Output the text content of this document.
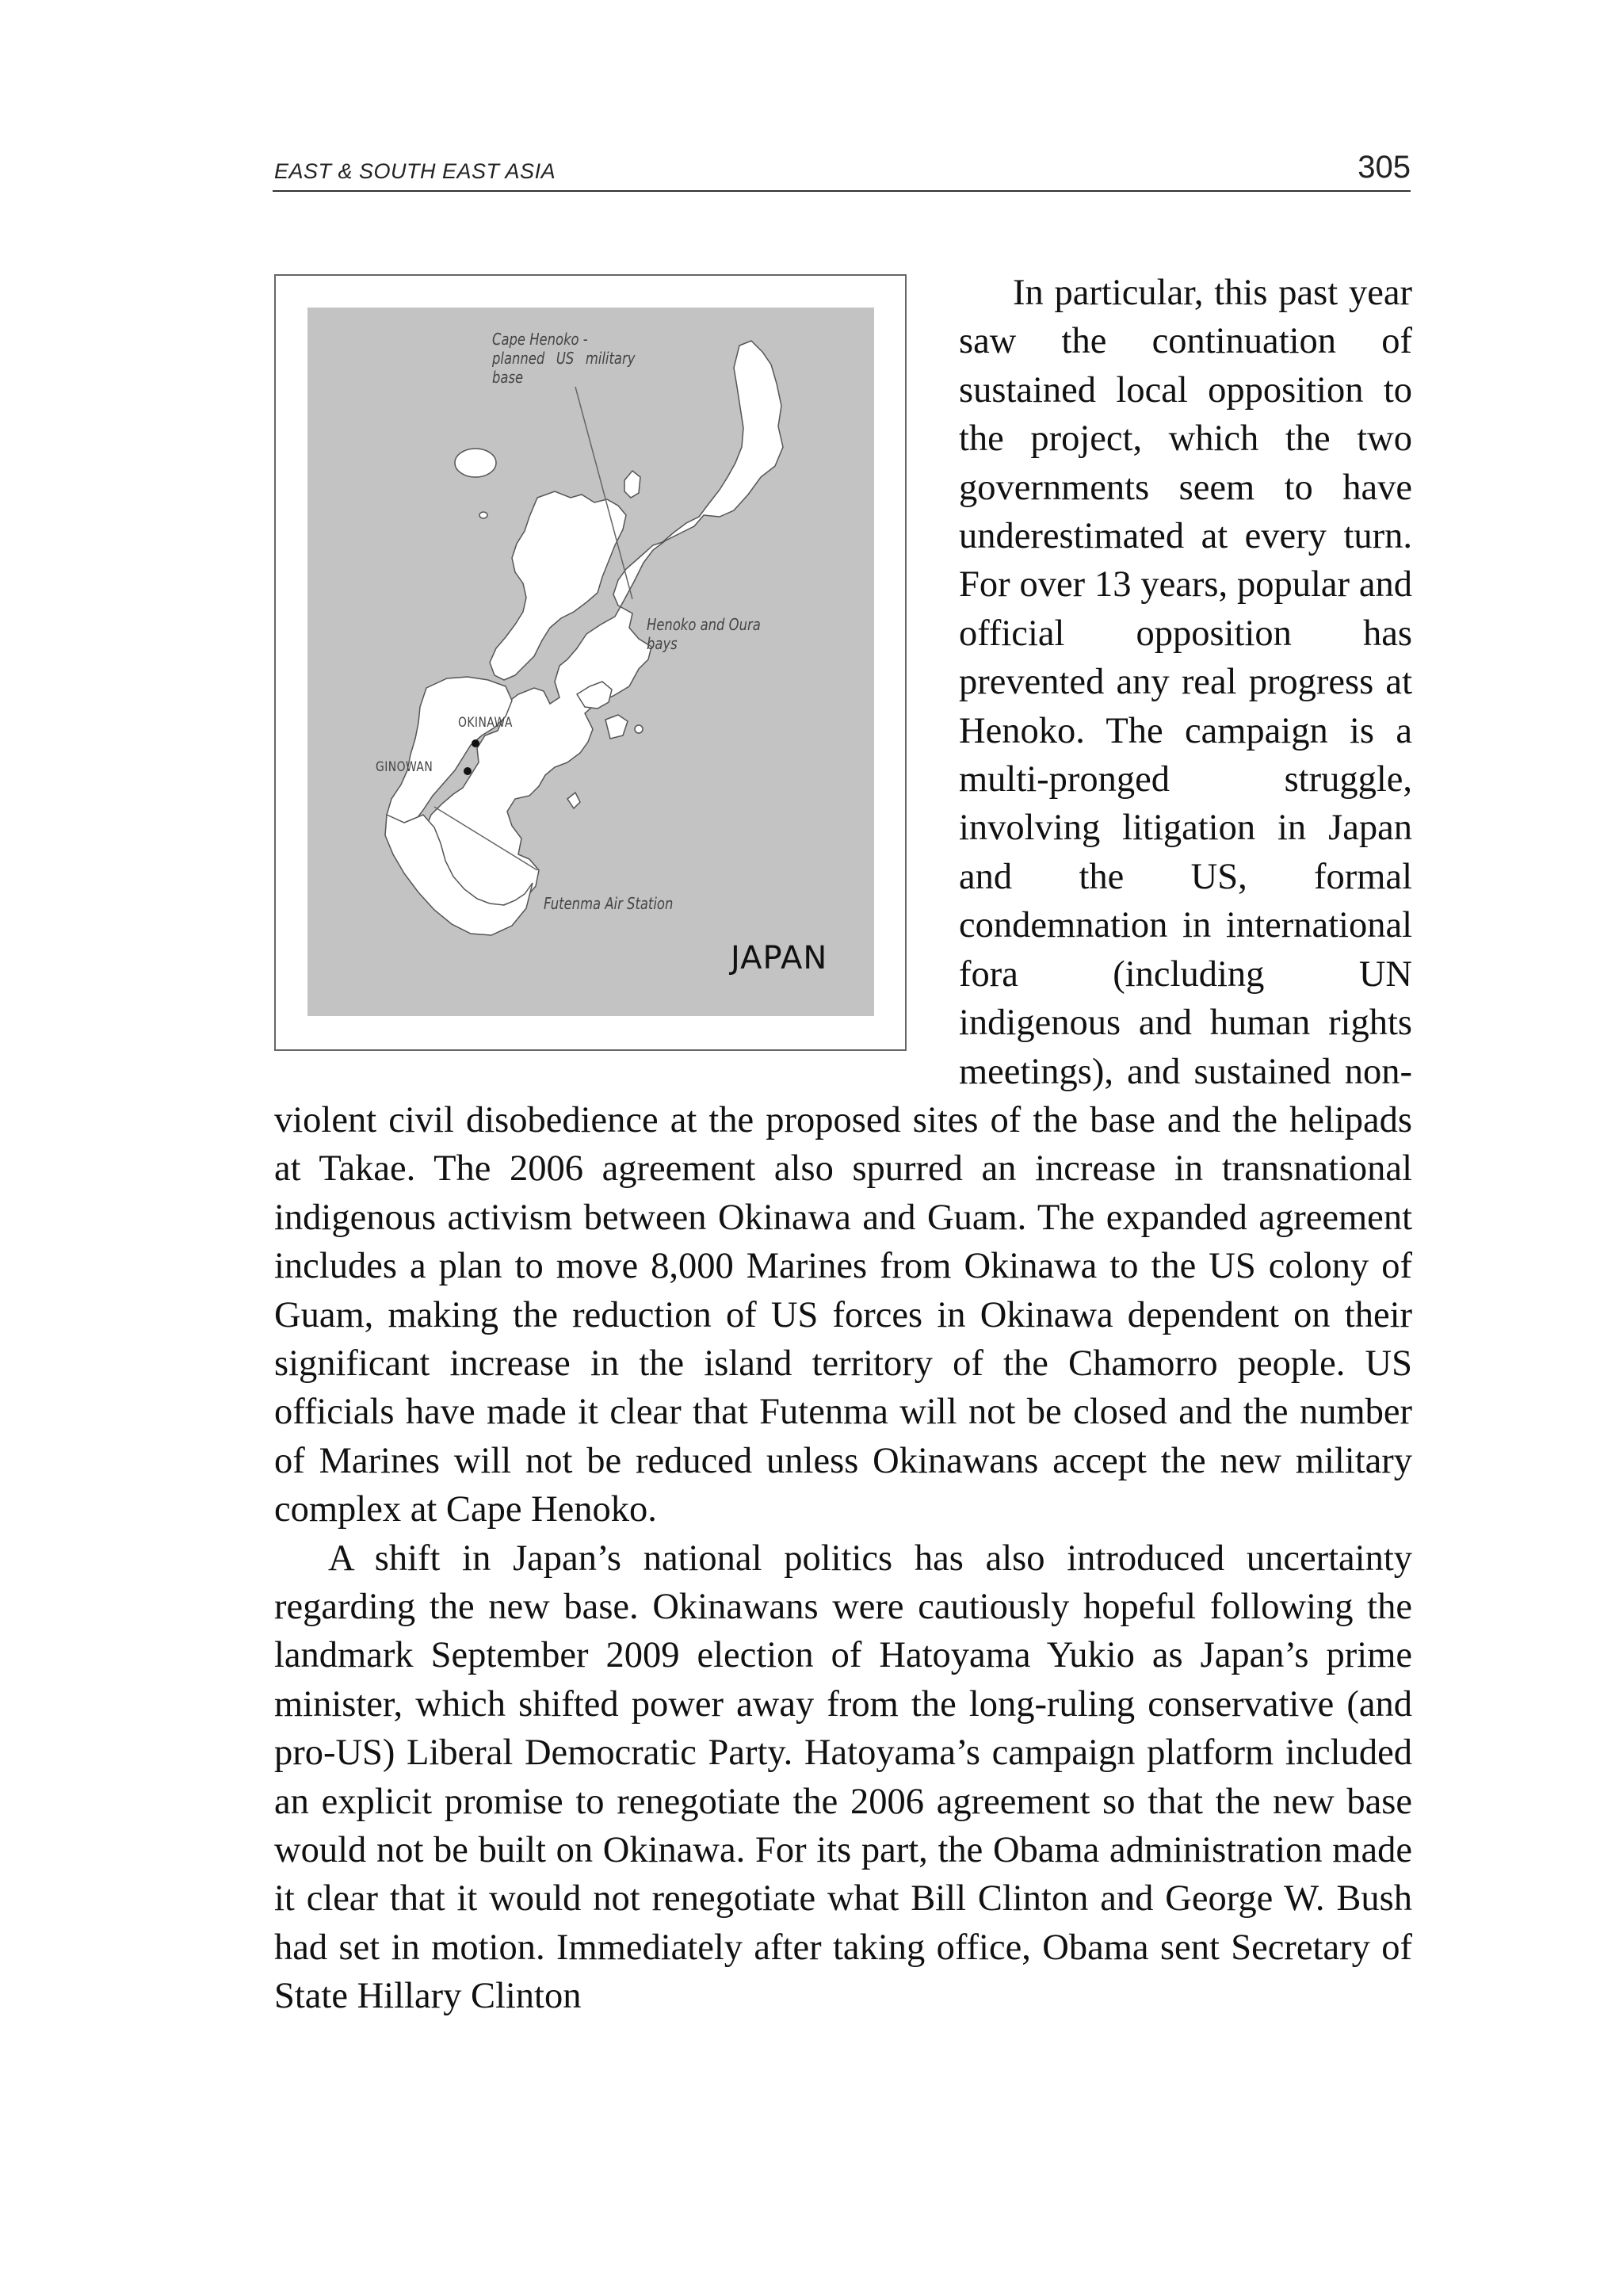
EAST & SOUTH EAST ASIA	305
Cape Henoko -
planned US military base
Henoko and Oura
bays
OKINAWA
GINOWAN
Futenma Air Station
JAPAN

In particular, this past year saw the continuation of sustained local opposition to the project, which the two governments seem to have underestimated at every turn. For over 13 years, popular and official opposition has prevented any real progress at Henoko. The campaign is a multi-pronged struggle, involving litigation in Japan and the US, formal condemnation in international fora (including UN indigenous and human rights meetings), and sustained non-violent civil disobedience at the proposed sites of the base and the helipads at Takae. The 2006 agreement also spurred an increase in transnational indigenous activism between Okinawa and Guam. The expanded agreement includes a plan to move 8,000 Marines from Okinawa to the US colony of Guam, making the reduction of US forces in Okinawa dependent on their significant increase in the island territory of the Chamorro people. US officials have made it clear that Futenma will not be closed and the number of Marines will not be reduced unless Okinawans accept the new military complex at Cape Henoko.

A shift in Japan’s national politics has also introduced uncertainty regarding the new base. Okinawans were cautiously hopeful following the landmark September 2009 election of Hatoyama Yukio as Japan’s prime minister, which shifted power away from the long-ruling conservative (and pro-US) Liberal Democratic Party. Hatoyama’s campaign platform included an explicit promise to renegotiate the 2006 agreement so that the new base would not be built on Okinawa. For its part, the Obama administration made it clear that it would not renegotiate what Bill Clinton and George W. Bush had set in motion. Immediately after taking office, Obama sent Secretary of State Hillary Clinton
